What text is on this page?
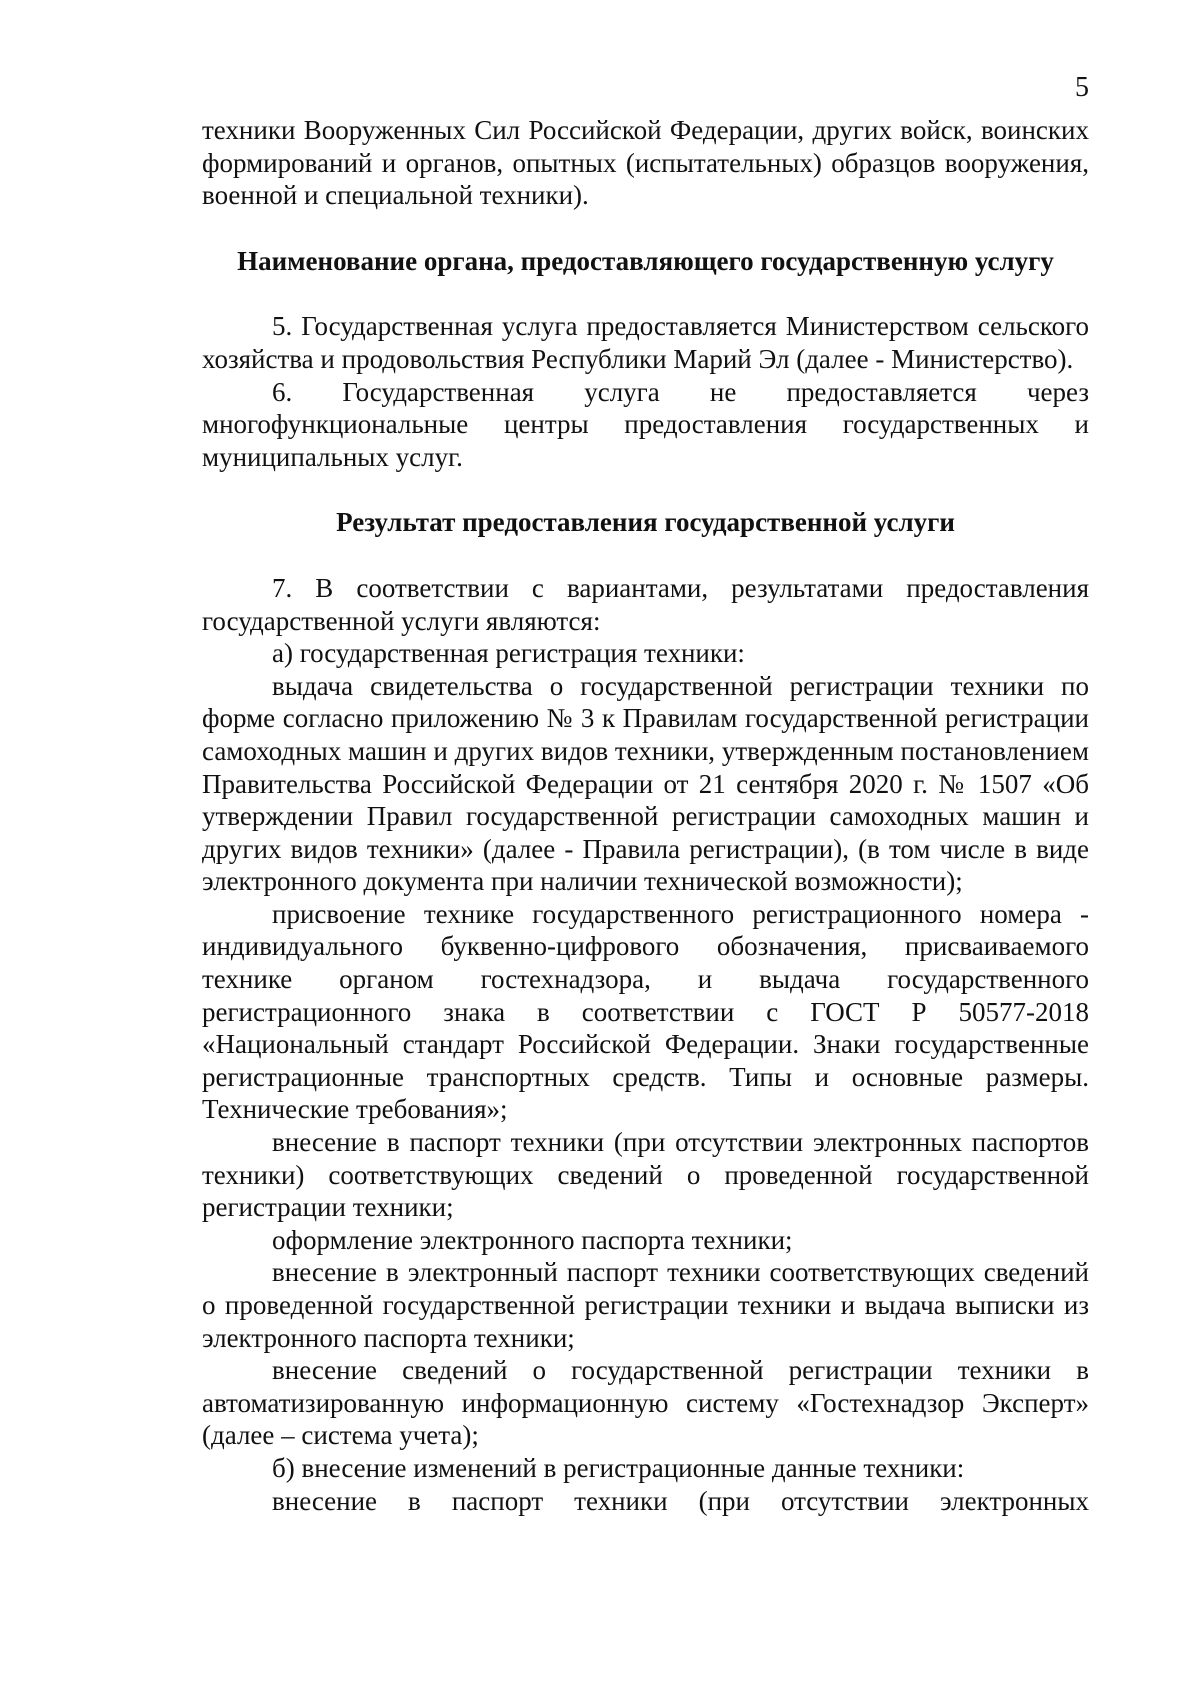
5

техники Вооруженных Сил Российской Федерации, других войск, воинских формирований и органов, опытных (испытательных) образцов вооружения, военной и специальной техники).

Наименование органа, предоставляющего государственную услугу

5. Государственная услуга предоставляется Министерством сельского хозяйства и продовольствия Республики Марий Эл (далее - Министерство).

6. Государственная услуга не предоставляется через многофункциональные центры предоставления государственных и муниципальных услуг.

Результат предоставления государственной услуги

7. В соответствии с вариантами, результатами предоставления государственной услуги являются:

а) государственная регистрация техники:

выдача свидетельства о государственной регистрации техники по форме согласно приложению № 3 к Правилам государственной регистрации самоходных машин и других видов техники, утвержденным постановлением Правительства Российской Федерации от 21 сентября 2020 г. № 1507 «Об утверждении Правил государственной регистрации самоходных машин и других видов техники» (далее - Правила регистрации), (в том числе в виде электронного документа при наличии технической возможности);

присвоение технике государственного регистрационного номера - индивидуального буквенно-цифрового обозначения, присваиваемого технике органом гостехнадзора, и выдача государственного регистрационного знака в соответствии с ГОСТ Р 50577-2018 «Национальный стандарт Российской Федерации. Знаки государственные регистрационные транспортных средств. Типы и основные размеры. Технические требования»;

внесение в паспорт техники (при отсутствии электронных паспортов техники) соответствующих сведений о проведенной государственной регистрации техники;

оформление электронного паспорта техники;

внесение в электронный паспорт техники соответствующих сведений о проведенной государственной регистрации техники и выдача выписки из электронного паспорта техники;

внесение сведений о государственной регистрации техники в автоматизированную информационную систему «Гостехнадзор Эксперт» (далее – система учета);

б) внесение изменений в регистрационные данные техники:

внесение в паспорт техники (при отсутствии электронных
